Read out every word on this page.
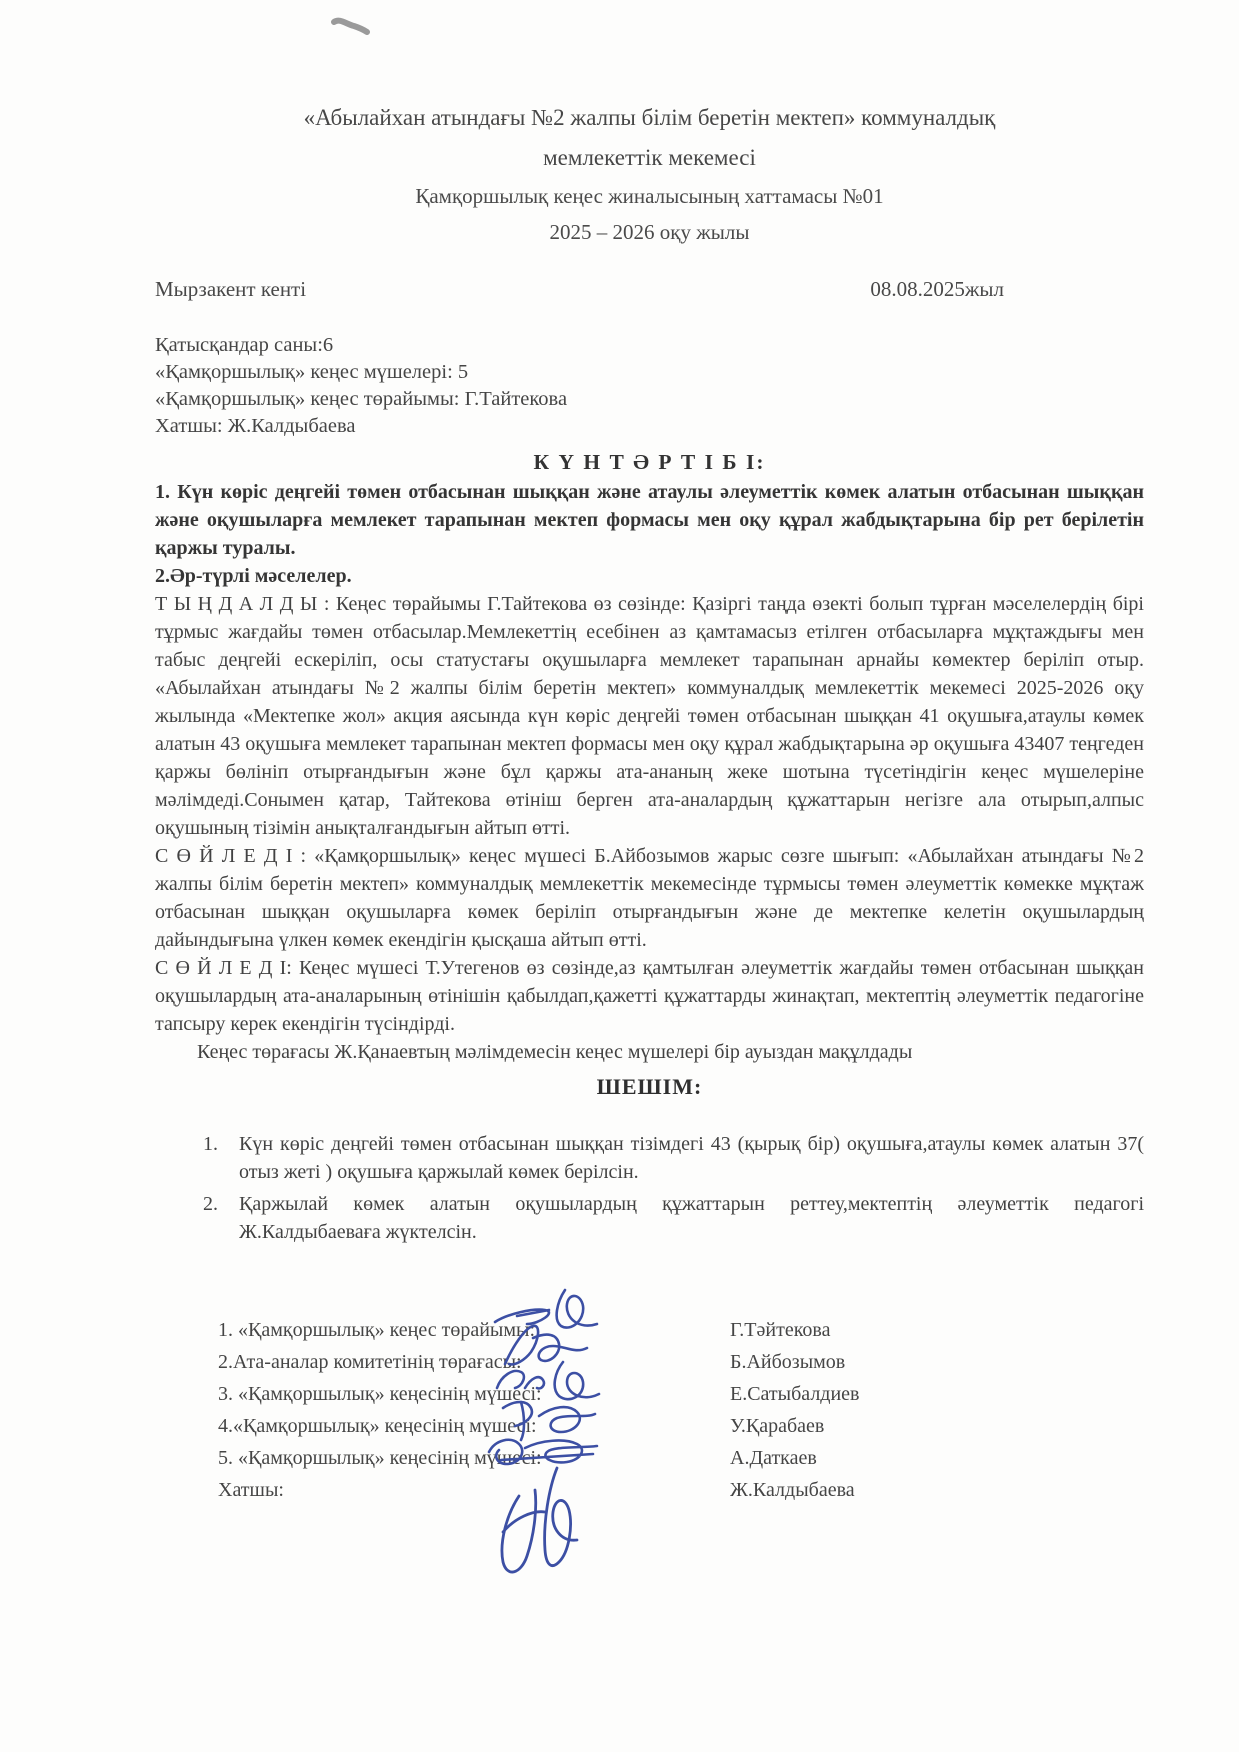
«Абылайхан атындағы №2 жалпы білім беретін мектеп» коммуналдық
мемлекеттік мекемесі
Қамқоршылық кеңес жиналысының хаттамасы №01
2025 – 2026 оқу жылы
Мырзакент кенті	08.08.2025жыл
Қатысқандар саны:6
«Қамқоршылық» кеңес мүшелері: 5
«Қамқоршылық» кеңес төрайымы: Г.Тайтекова
Хатшы: Ж.Калдыбаева
К Ү Н Т Ә Р Т І Б І:
1. Күн көріс деңгейі төмен отбасынан шыққан және атаулы әлеуметтік көмек алатын отбасынан шыққан және оқушыларға мемлекет тарапынан мектеп формасы мен оқу құрал жабдықтарына бір рет берілетін қаржы туралы.
2.Әр-түрлі мәселелер.
Т Ы Ң Д А Л Д Ы : Кеңес төрайымы Г.Тайтекова өз сөзінде: Қазіргі таңда өзекті болып тұрған мәселелердің бірі тұрмыс жағдайы төмен отбасылар.Мемлекеттің есебінен аз қамтамасыз етілген отбасыларға мұқтаждығы мен табыс деңгейі ескеріліп, осы статустағы оқушыларға мемлекет тарапынан арнайы көмектер беріліп отыр. «Абылайхан атындағы №2 жалпы білім беретін мектеп» коммуналдық мемлекеттік мекемесі 2025-2026 оқу жылында «Мектепке жол» акция аясында күн көріс деңгейі төмен отбасынан шыққан 41 оқушыға,атаулы көмек алатын 43 оқушыға мемлекет тарапынан мектеп формасы мен оқу құрал жабдықтарына әр оқушыға 43407 теңгеден қаржы бөлініп отырғандығын және бұл қаржы ата-ананың жеке шотына түсетіндігін кеңес мүшелеріне мәлімдеді.Сонымен қатар, Тайтекова өтініш берген ата-аналардың құжаттарын негізге ала отырып,алпыс оқушының тізімін анықталғандығын айтып өтті.
С Ө Й Л Е Д І : «Қамқоршылық» кеңес мүшесі Б.Айбозымов жарыс сөзге шығып: «Абылайхан атындағы №2 жалпы білім беретін мектеп» коммуналдық мемлекеттік мекемесінде тұрмысы төмен әлеуметтік көмекке мұқтаж отбасынан шыққан оқушыларға көмек беріліп отырғандығын және де мектепке келетін оқушылардың дайындығына үлкен көмек екендігін қысқаша айтып өтті.
С Ө Й Л Е Д І: Кеңес мүшесі Т.Утегенов өз сөзінде,аз қамтылған әлеуметтік жағдайы төмен отбасынан шыққан оқушылардың ата-аналарының өтінішін қабылдап,қажетті құжаттарды жинақтап, мектептің әлеуметтік педагогіне тапсыру керек екендігін түсіндірді.
Кеңес төрағасы Ж.Қанаевтың мәлімдемесін кеңес мүшелері бір ауыздан мақұлдады
ШЕШІМ:
1.	Күн көріс деңгейі төмен отбасынан шыққан тізімдегі 43 (қырық бір) оқушыға,атаулы көмек алатын 37( отыз жеті ) оқушыға қаржылай көмек берілсін.
2.	Қаржылай көмек алатын оқушылардың құжаттарын реттеу,мектептің әлеуметтік педагогі Ж.Калдыбаеваға жүктелсін.
1. «Қамқоршылық» кеңес төрайымы:	Г.Тәйтекова
2.Ата-аналар комитетінің төрағасы:	Б.Айбозымов
3. «Қамқоршылық» кеңесінің мүшесі:	Е.Сатыбалдиев
4.«Қамқоршылық» кеңесінің мүшесі:	У.Қарабаев
5. «Қамқоршылық» кеңесінің мүшесі:	А.Даткаев
Хатшы:	Ж.Калдыбаева
